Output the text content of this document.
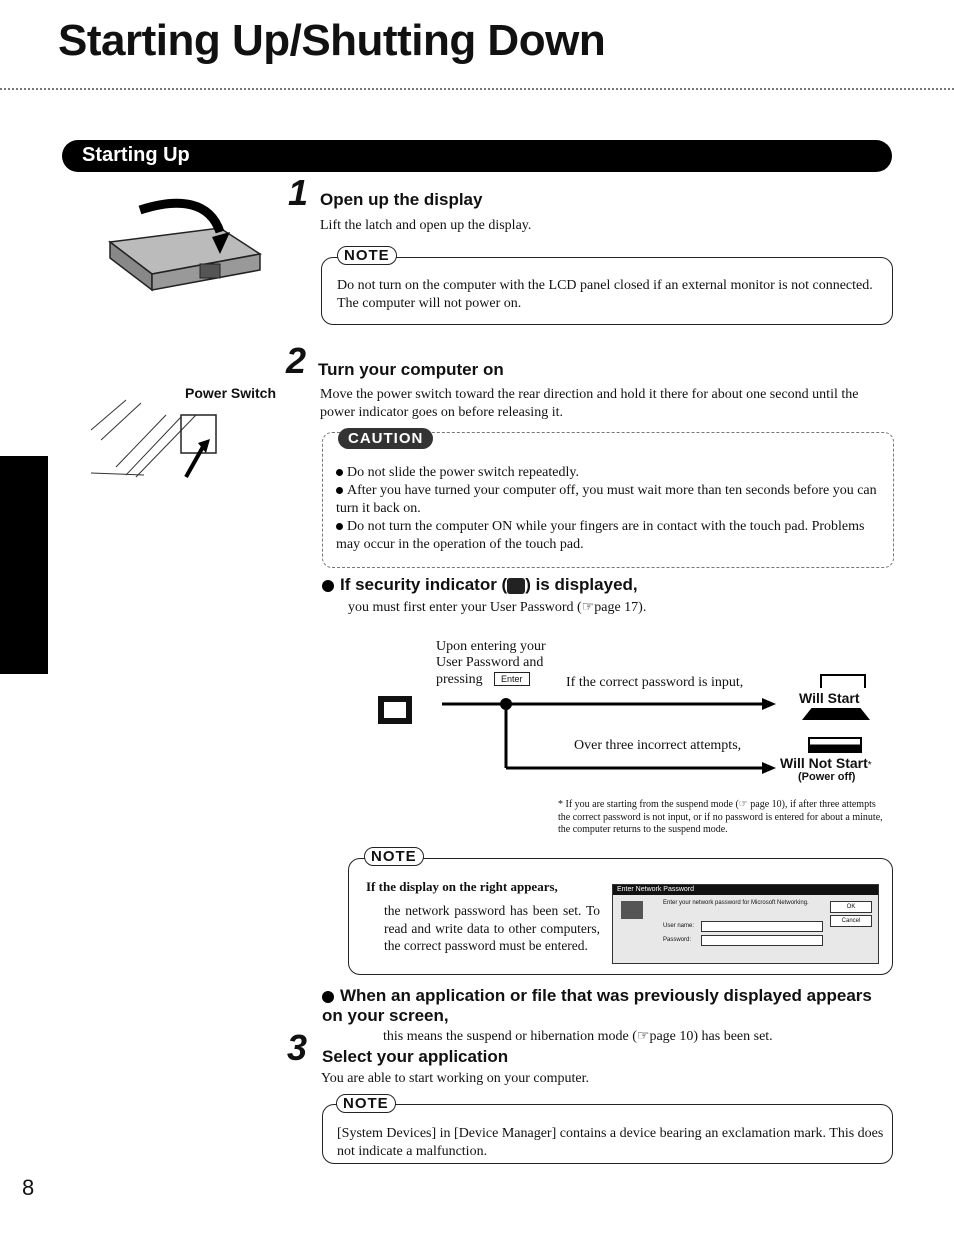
Starting Up/Shutting Down
Starting Up
1 Open up the display
Lift the latch and open up the display.
NOTE
Do not turn on the computer with the LCD panel closed if an external monitor is not connected. The computer will not power on.
Power Switch
2 Turn your computer on
Move the power switch toward the rear direction and hold it there for about one second until the power indicator goes on before releasing it.
CAUTION
Do not slide the power switch repeatedly.
After you have turned your computer off, you must wait more than ten seconds before you can turn it back on.
Do not turn the computer ON while your fingers are in contact with the touch pad. Problems may occur in the operation of the touch pad.
If security indicator ( ) is displayed,
you must first enter your User Password (☞page 17).
Upon entering your
User Password and
pressing	Enter	If the correct password is input,
Will Start
Over three incorrect attempts,
Will Not Start*
(Power off)
* If you are starting from the suspend mode (☞ page 10), if after three attempts the correct password is not input, or if no password is entered for about a minute, the computer returns to the suspend mode.
NOTE
If the display on the right appears,
the network password has been set. To read and write data to other computers, the correct password must be entered.
Enter Network Password
Enter your network password for Microsoft Networking.
OK
Cancel
User name:
Password:
When an application or file that was previously displayed appears on your screen,
this means the suspend or hibernation mode (☞page 10) has been set.
3 Select your application
You are able to start working on your computer.
NOTE
[System Devices] in [Device Manager] contains a device bearing an exclamation mark. This does not indicate a malfunction.
8
